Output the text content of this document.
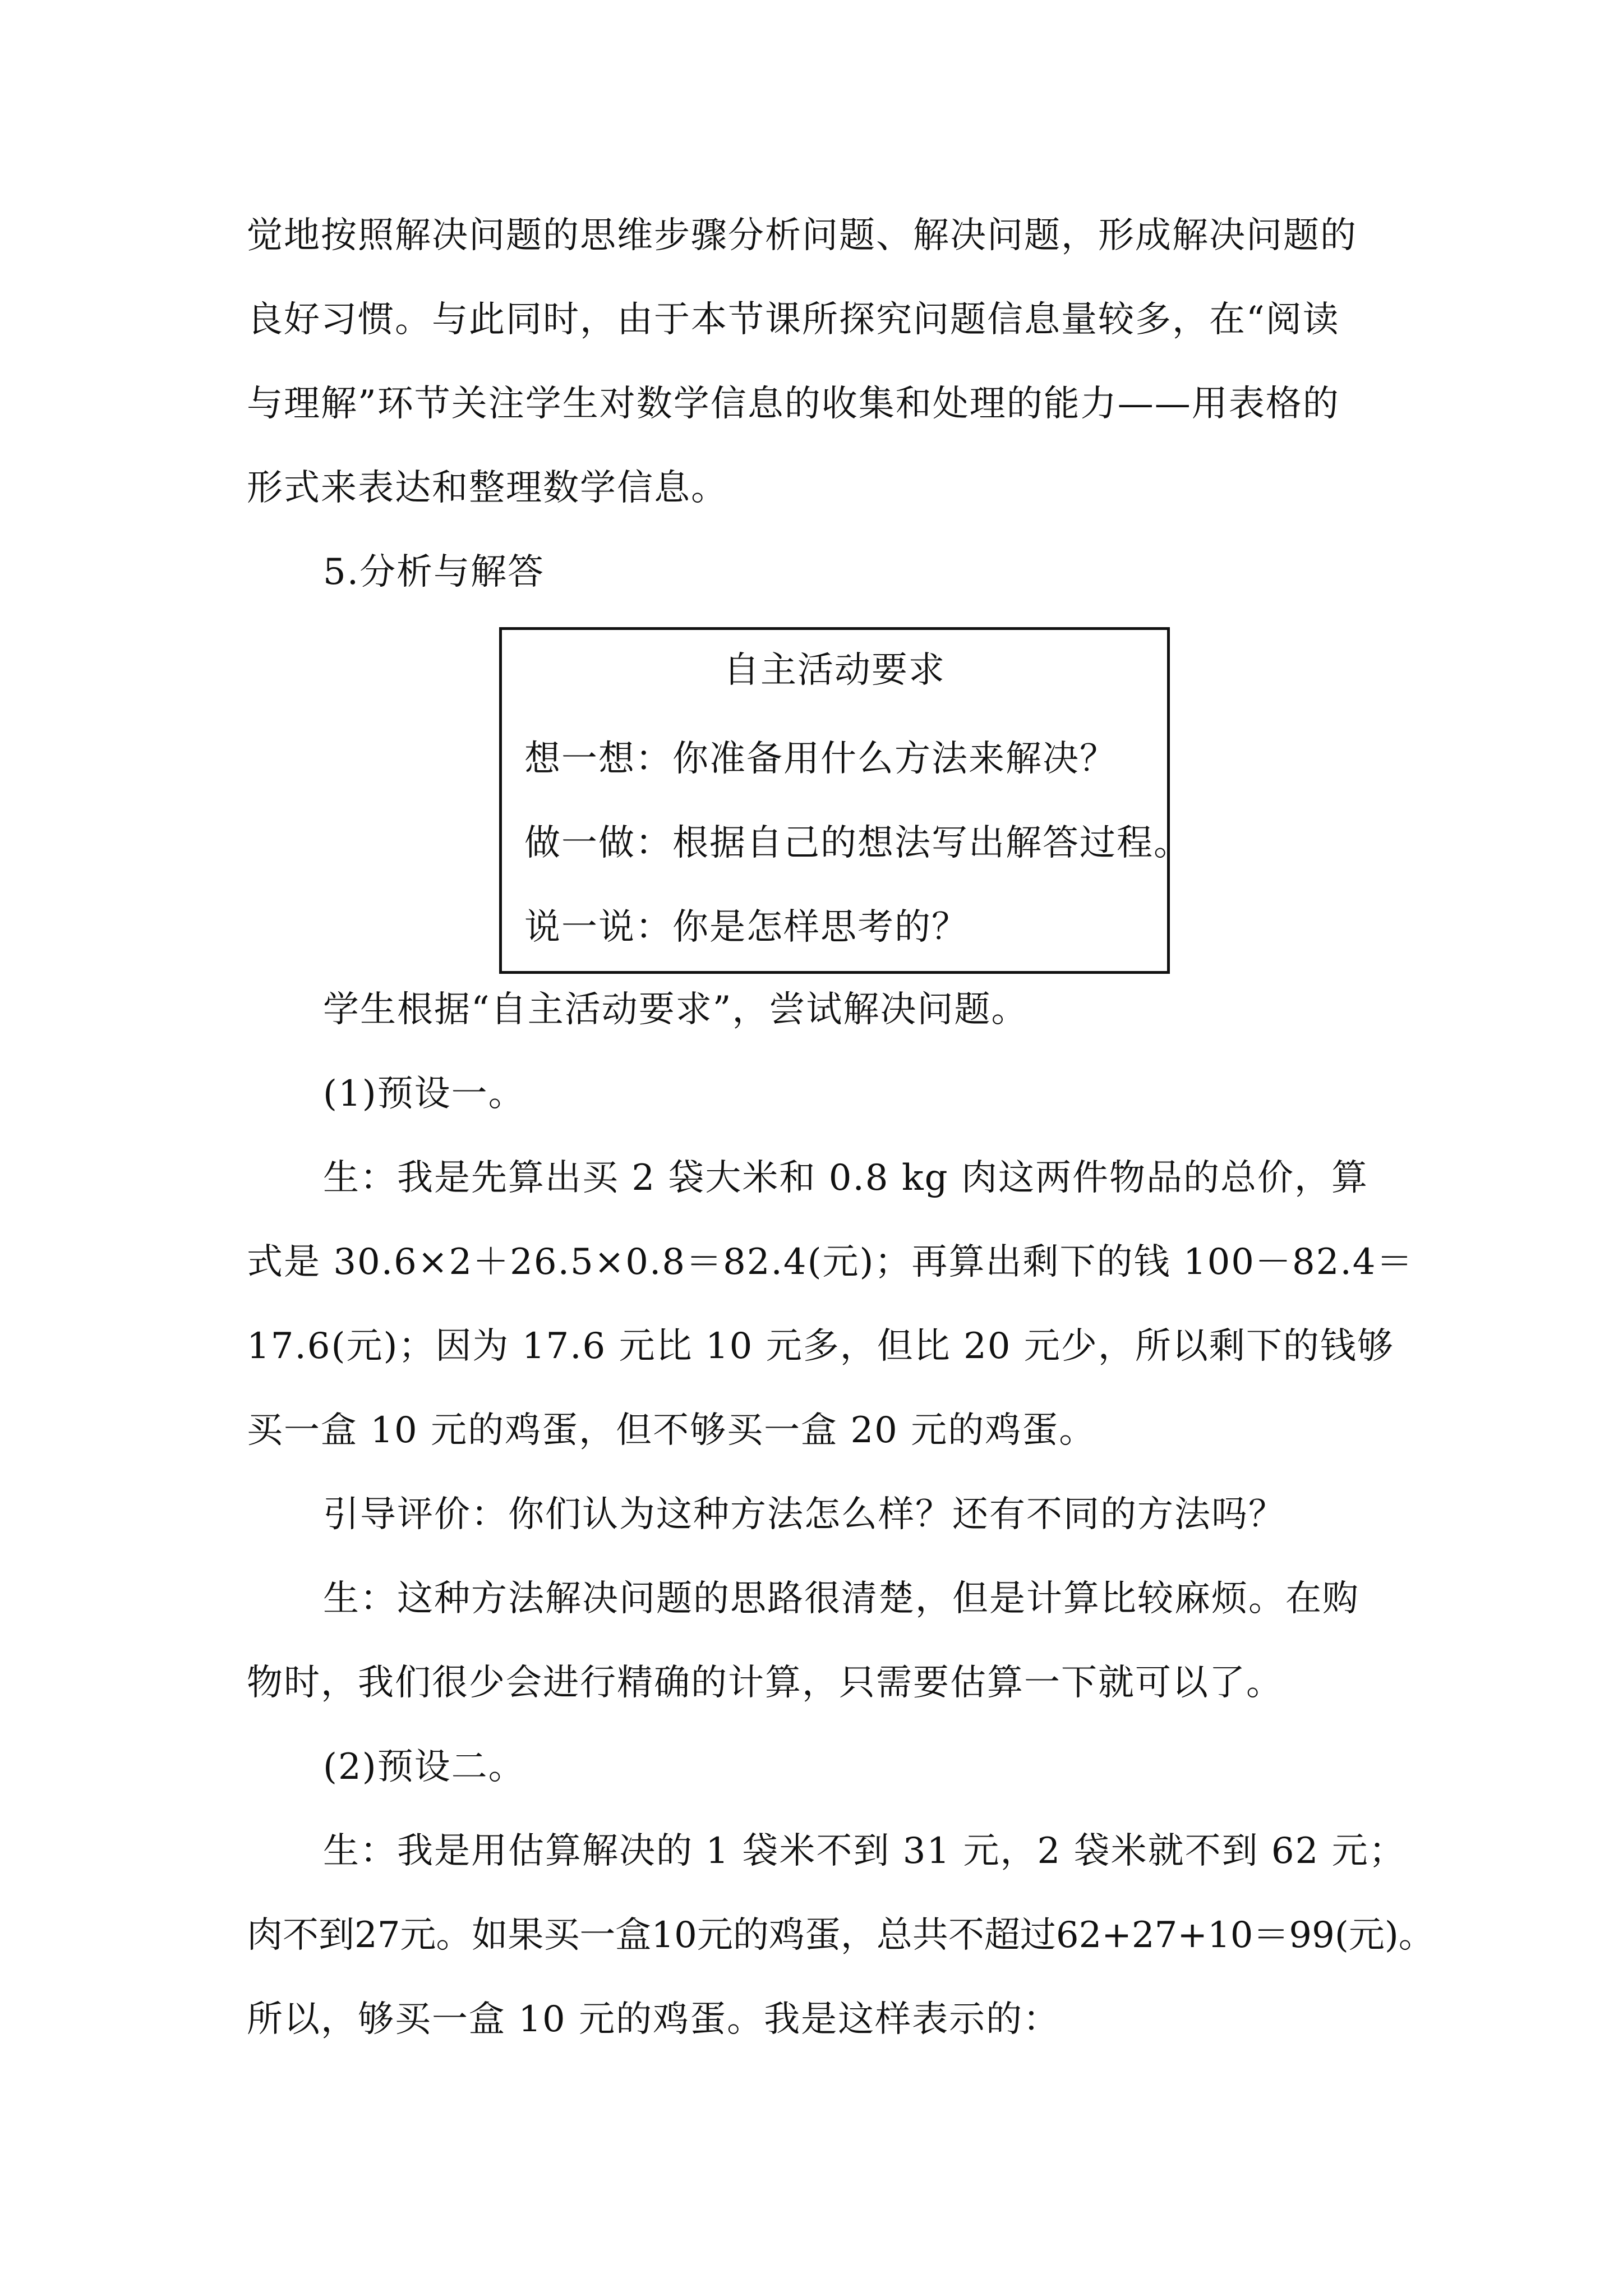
觉地按照解决问题的思维步骤分析问题、解决问题，形成解决问题的
良好习惯。与此同时，由于本节课所探究问题信息量较多，在“阅读
与理解”环节关注学生对数学信息的收集和处理的能力——用表格的
形式来表达和整理数学信息。
5.分析与解答
自主活动要求
想一想：你准备用什么方法来解决？
做一做：根据自己的想法写出解答过程。
说一说：你是怎样思考的？
学生根据“自主活动要求”，尝试解决问题。
(1)预设一。
生：我是先算出买 2 袋大米和 0.8 kg 肉这两件物品的总价，算
式是 30.6×2＋26.5×0.8＝82.4(元)；再算出剩下的钱 100－82.4＝
17.6(元)；因为 17.6 元比 10 元多，但比 20 元少，所以剩下的钱够
买一盒 10 元的鸡蛋，但不够买一盒 20 元的鸡蛋。
引导评价：你们认为这种方法怎么样？还有不同的方法吗？
生：这种方法解决问题的思路很清楚，但是计算比较麻烦。在购
物时，我们很少会进行精确的计算，只需要估算一下就可以了。
(2)预设二。
生：我是用估算解决的 1 袋米不到 31 元，2 袋米就不到 62 元；
肉不到27元。如果买一盒10元的鸡蛋，总共不超过62+27+10＝99(元)。
所以，够买一盒 10 元的鸡蛋。我是这样表示的：
